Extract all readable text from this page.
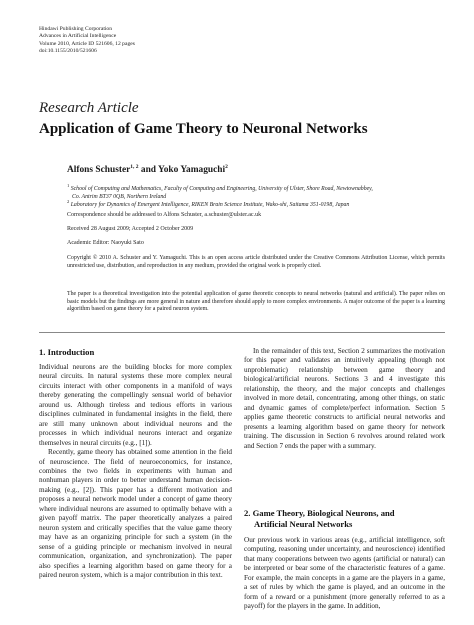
Hindawi Publishing Corporation
Advances in Artificial Intelligence
Volume 2010, Article ID 521606, 12 pages
doi:10.1155/2010/521606
Research Article
Application of Game Theory to Neuronal Networks
Alfons Schuster$^{1, 2}$ and Yoko Yamaguchi$^2$
$^1$ School of Computing and Mathematics, Faculty of Computing and Engineering, University of Ulster, Shore Road, Newtownabbey,
Co. Antrim BT37 0QB, Northern Ireland
$^2$ Laboratory for Dynamics of Emergent Intelligence, RIKEN Brain Science Institute, Wako-shi, Saitama 351-0198, Japan
Correspondence should be addressed to Alfons Schuster, a.schuster@ulster.ac.uk
Received 28 August 2009; Accepted 2 October 2009
Academic Editor: Naoyuki Sato
Copyright © 2010 A. Schuster and Y. Yamaguchi. This is an open access article distributed under the Creative Commons Attribution License, which permits unrestricted use, distribution, and reproduction in any medium, provided the original work is properly cited.
The paper is a theoretical investigation into the potential application of game theoretic concepts to neural networks (natural and artificial). The paper relies on basic models but the findings are more general in nature and therefore should apply to more complex environments. A major outcome of the paper is a learning algorithm based on game theory for a paired neuron system.
1. Introduction

Individual neurons are the building blocks for more complex neural circuits. In natural systems these more complex neural circuits interact with other components in a manifold of ways thereby generating the compellingly sensual world of behavior around us. Although tireless and tedious efforts in various disciplines culminated in fundamental insights in the field, there are still many unknown about individual neurons and the processes in which individual neurons interact and organize themselves in neural circuits (e.g., [1]).

Recently, game theory has obtained some attention in the field of neuroscience. The field of neuroeconomics, for instance, combines the two fields in experiments with human and nonhuman players in order to better understand human decision-making (e.g., [2]). This paper has a different motivation and proposes a neural network model under a concept of game theory where individual neurons are assumed to optimally behave with a given payoff matrix. The paper theoretically analyzes a paired neuron system and critically specifies that the value game theory may have as an organizing principle for such a system (in the sense of a guiding principle or mechanism involved in neural communication, organization, and synchronization). The paper also specifies a learning algorithm based on game theory for a paired neuron system, which is a major contribution in this text.

In the remainder of this text, Section 2 summarizes the motivation for this paper and validates an intuitively appealing (though not unproblematic) relationship between game theory and biological/artificial neurons. Sections 3 and 4 investigate this relationship, the theory, and the major concepts and challenges involved in more detail, concentrating, among other things, on static and dynamic games of complete/perfect information. Section 5 applies game theoretic constructs to artificial neural networks and presents a learning algorithm based on game theory for network training. The discussion in Section 6 revolves around related work and Section 7 ends the paper with a summary.

2. Game Theory, Biological Neurons, and
Artificial Neural Networks

Our previous work in various areas (e.g., artificial intelligence, soft computing, reasoning under uncertainty, and neuroscience) identified that many cooperations between two agents (artificial or natural) can be interpreted or bear some of the characteristic features of a game. For example, the main concepts in a game are the players in a game, a set of rules by which the game is played, and an outcome in the form of a reward or a punishment (more generally referred to as a payoff) for the players in the game. In addition,
